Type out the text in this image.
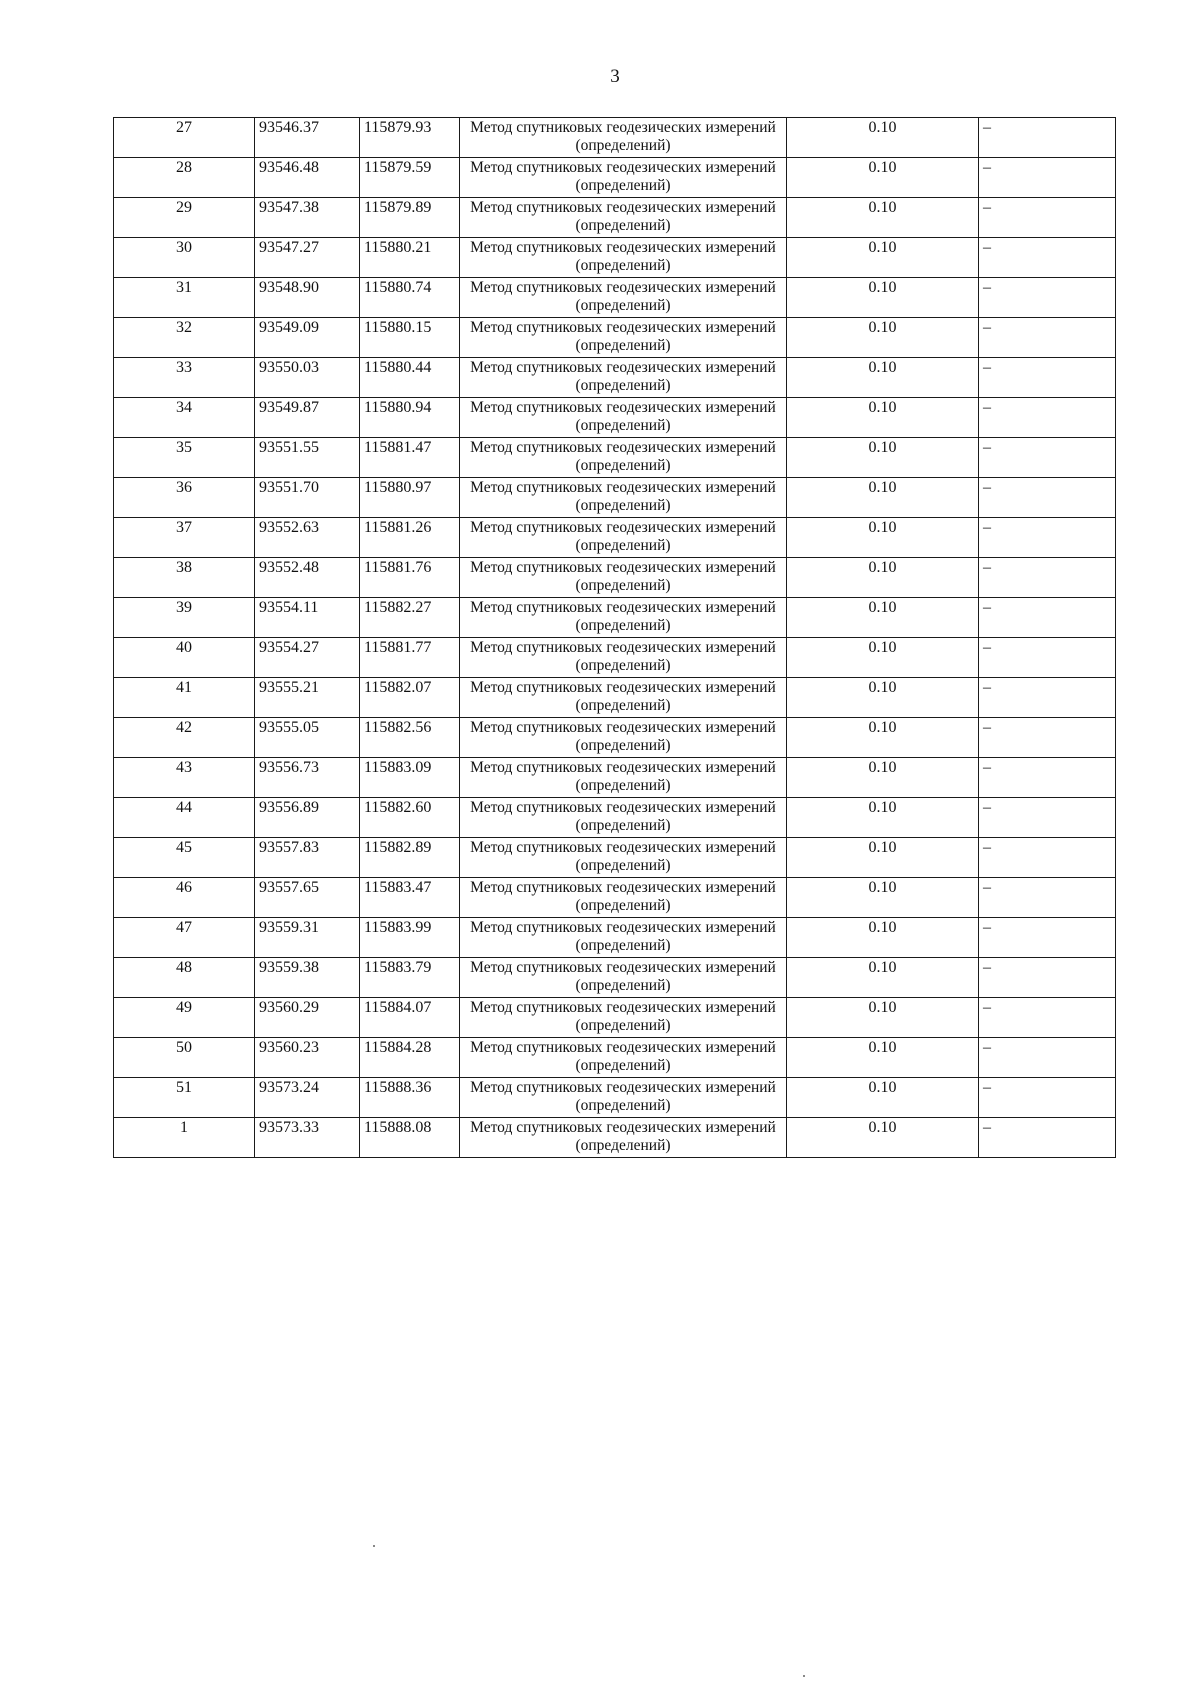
3
27	93546.37	115879.93	Метод спутниковых геодезических измерений (определений)	0.10	–
28	93546.48	115879.59	Метод спутниковых геодезических измерений (определений)	0.10	–
29	93547.38	115879.89	Метод спутниковых геодезических измерений (определений)	0.10	–
30	93547.27	115880.21	Метод спутниковых геодезических измерений (определений)	0.10	–
31	93548.90	115880.74	Метод спутниковых геодезических измерений (определений)	0.10	–
32	93549.09	115880.15	Метод спутниковых геодезических измерений (определений)	0.10	–
33	93550.03	115880.44	Метод спутниковых геодезических измерений (определений)	0.10	–
34	93549.87	115880.94	Метод спутниковых геодезических измерений (определений)	0.10	–
35	93551.55	115881.47	Метод спутниковых геодезических измерений (определений)	0.10	–
36	93551.70	115880.97	Метод спутниковых геодезических измерений (определений)	0.10	–
37	93552.63	115881.26	Метод спутниковых геодезических измерений (определений)	0.10	–
38	93552.48	115881.76	Метод спутниковых геодезических измерений (определений)	0.10	–
39	93554.11	115882.27	Метод спутниковых геодезических измерений (определений)	0.10	–
40	93554.27	115881.77	Метод спутниковых геодезических измерений (определений)	0.10	–
41	93555.21	115882.07	Метод спутниковых геодезических измерений (определений)	0.10	–
42	93555.05	115882.56	Метод спутниковых геодезических измерений (определений)	0.10	–
43	93556.73	115883.09	Метод спутниковых геодезических измерений (определений)	0.10	–
44	93556.89	115882.60	Метод спутниковых геодезических измерений (определений)	0.10	–
45	93557.83	115882.89	Метод спутниковых геодезических измерений (определений)	0.10	–
46	93557.65	115883.47	Метод спутниковых геодезических измерений (определений)	0.10	–
47	93559.31	115883.99	Метод спутниковых геодезических измерений (определений)	0.10	–
48	93559.38	115883.79	Метод спутниковых геодезических измерений (определений)	0.10	–
49	93560.29	115884.07	Метод спутниковых геодезических измерений (определений)	0.10	–
50	93560.23	115884.28	Метод спутниковых геодезических измерений (определений)	0.10	–
51	93573.24	115888.36	Метод спутниковых геодезических измерений (определений)	0.10	–
1	93573.33	115888.08	Метод спутниковых геодезических измерений (определений)	0.10	–
